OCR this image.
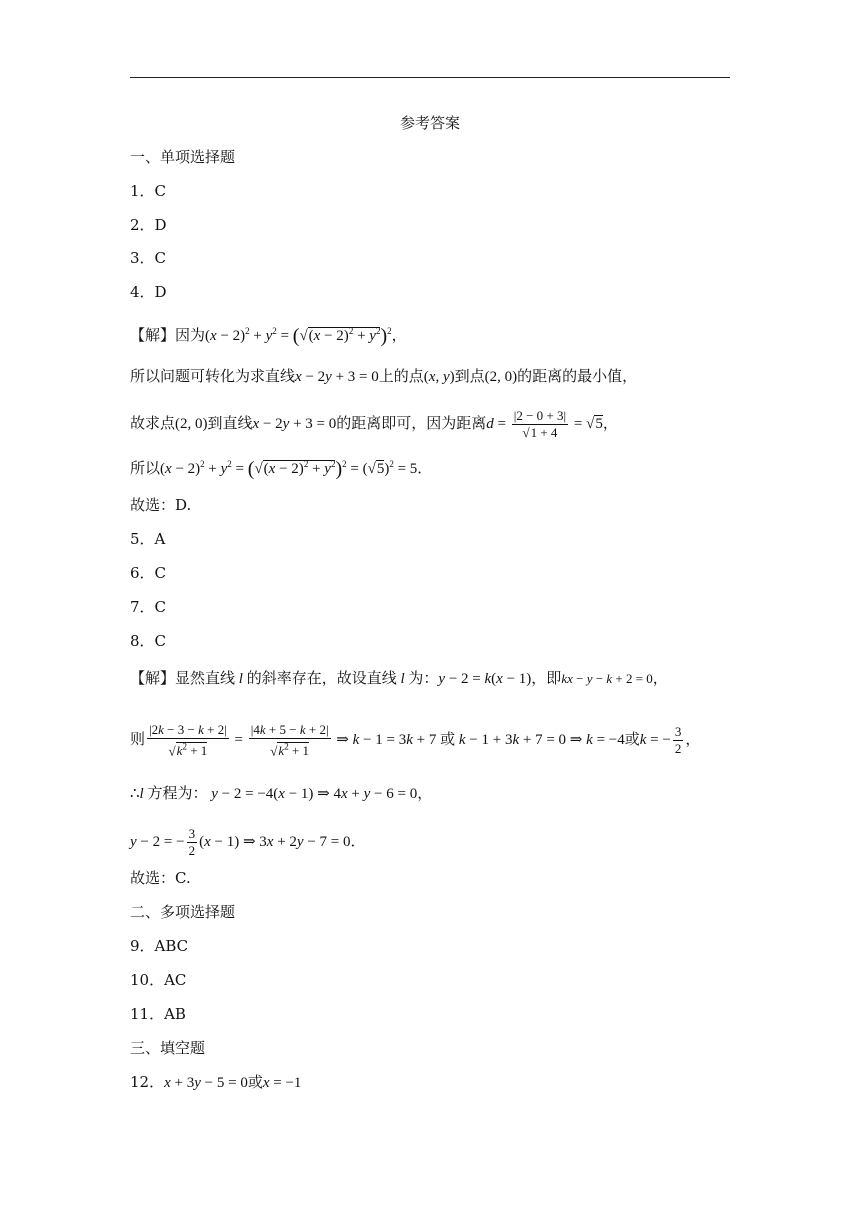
参考答案
一、单项选择题
1．C
2．D
3．C
4．D
【解】因为$(x - 2)^2 + y^2 = (√(x - 2)^2 + y^2)^2$，
所以问题可转化为求直线x − 2y + 3 = 0上的点(x, y)到点(2, 0)的距离的最小值，
故求点(2, 0)到直线x − 2y + 3 = 0的距离即可，因为距离$d = \frac{|2 - 0 + 3|}{√1 + 4} = √5$，
所以$(x - 2)^2 + y^2 = (√(x - 2)^2 + y^2)^2 = (√5)^2 = 5$．
故选：D.
5．A
6．C
7．C
8．C
【解】显然直线 l 的斜率存在，故设直线 l 为：y − 2 = k(x − 1)，即kx − y − k + 2 = 0，
则 $\frac{|2k - 3 - k + 2|}{√k^2 + 1} = \frac{|4k + 5 - k + 2|}{√k^2 + 1}$ ⇒ k − 1 = 3k + 7 或 k − 1 + 3k + 7 = 0 ⇒ k = −4或k = − $\frac{3}{2}$ ，
∴l 方程为： y − 2 = −4(x − 1) ⇒ 4x + y − 6 = 0，
y − 2 = − $\frac{3}{2} (x - 1)$ ⇒ 3x + 2y − 7 = 0．
故选：C.
二、多项选择题
9．ABC
10．AC
11．AB
三、填空题
12．x + 3y − 5 = 0或x = −1
